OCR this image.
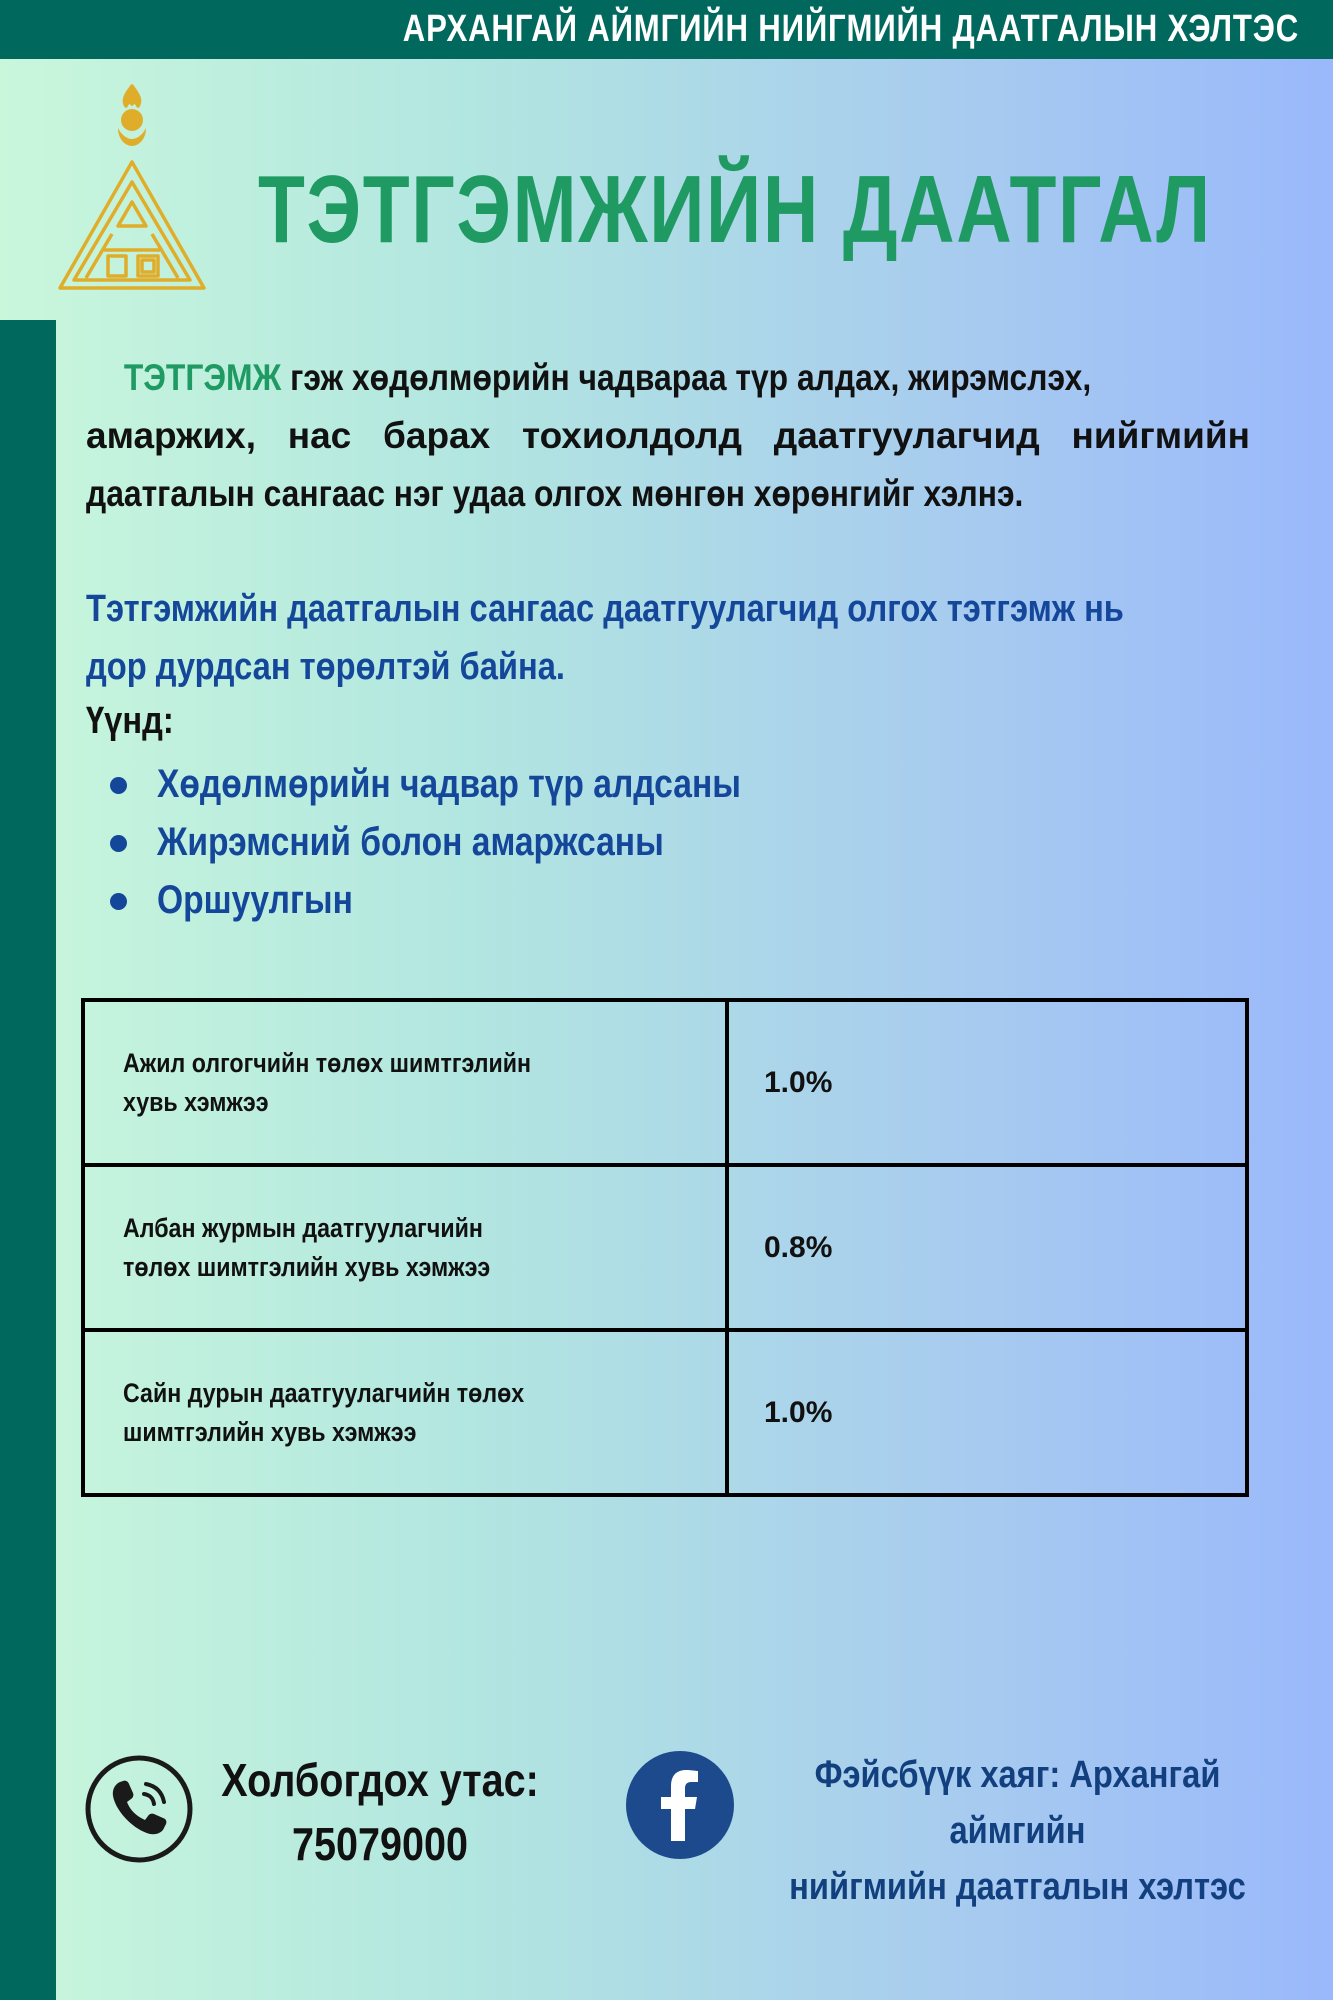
АРХАНГАЙ АЙМГИЙН НИЙГМИЙН ДААТГАЛЫН ХЭЛТЭС
ТЭТГЭМЖИЙН ДААТГАЛ
ТЭТГЭМЖ гэж хөдөлмөрийн чадвараа түр алдах, жирэмслэх,
амаржих, нас барах тохиолдолд даатгуулагчид нийгмийн
даатгалын сангаас нэг удаа олгох мөнгөн хөрөнгийг хэлнэ.
Тэтгэмжийн даатгалын сангаас даатгуулагчид олгох тэтгэмж нь
дор дурдсан төрөлтэй байна.
Үүнд:
Хөдөлмөрийн чадвар түр алдсаны
Жирэмсний болон амаржсаны
Оршуулгын
Ажил олгогчийн төлөх шимтгэлийн хувь хэмжээ	1.0%

Албан журмын даатгуулагчийн төлөх шимтгэлийн хувь хэмжээ	0.8%

Сайн дурын даатгуулагчийн төлөх шимтгэлийн хувь хэмжээ	1.0%
Холбогдох утас:
75079000
Фэйсбүүк хаяг: Архангай аймгийн
нийгмийн даатгалын хэлтэс
